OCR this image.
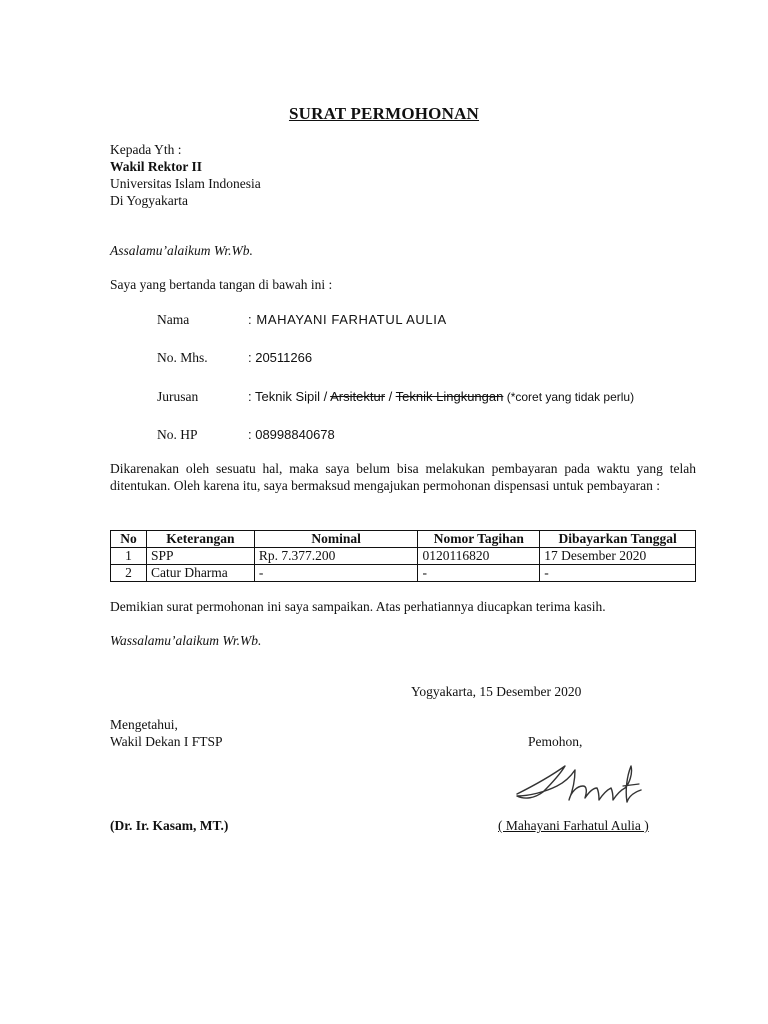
SURAT PERMOHONAN
Kepada Yth :
Wakil Rektor II
Universitas Islam Indonesia
Di Yogyakarta
Assalamu’alaikum Wr.Wb.
Saya yang bertanda tangan di bawah ini :
Nama	: MAHAYANI FARHATUL AULIA
No. Mhs.	: 20511266
Jurusan	: Teknik Sipil / Arsitektur / Teknik Lingkungan (*coret yang tidak perlu)
No. HP	: 08998840678
Dikarenakan oleh sesuatu hal, maka saya belum bisa melakukan pembayaran pada waktu yang telah ditentukan. Oleh karena itu, saya bermaksud mengajukan permohonan dispensasi untuk pembayaran :
No	Keterangan	Nominal	Nomor Tagihan	Dibayarkan Tanggal
1	SPP	Rp. 7.377.200	0120116820	17 Desember 2020
2	Catur Dharma	-	-	-
Demikian surat permohonan ini saya sampaikan. Atas perhatiannya diucapkan terima kasih.
Wassalamu’alaikum Wr.Wb.
Yogyakarta, 15 Desember 2020
Mengetahui,
Wakil Dekan I FTSP	Pemohon,
(Dr. Ir. Kasam, MT.)	( Mahayani Farhatul Aulia )
